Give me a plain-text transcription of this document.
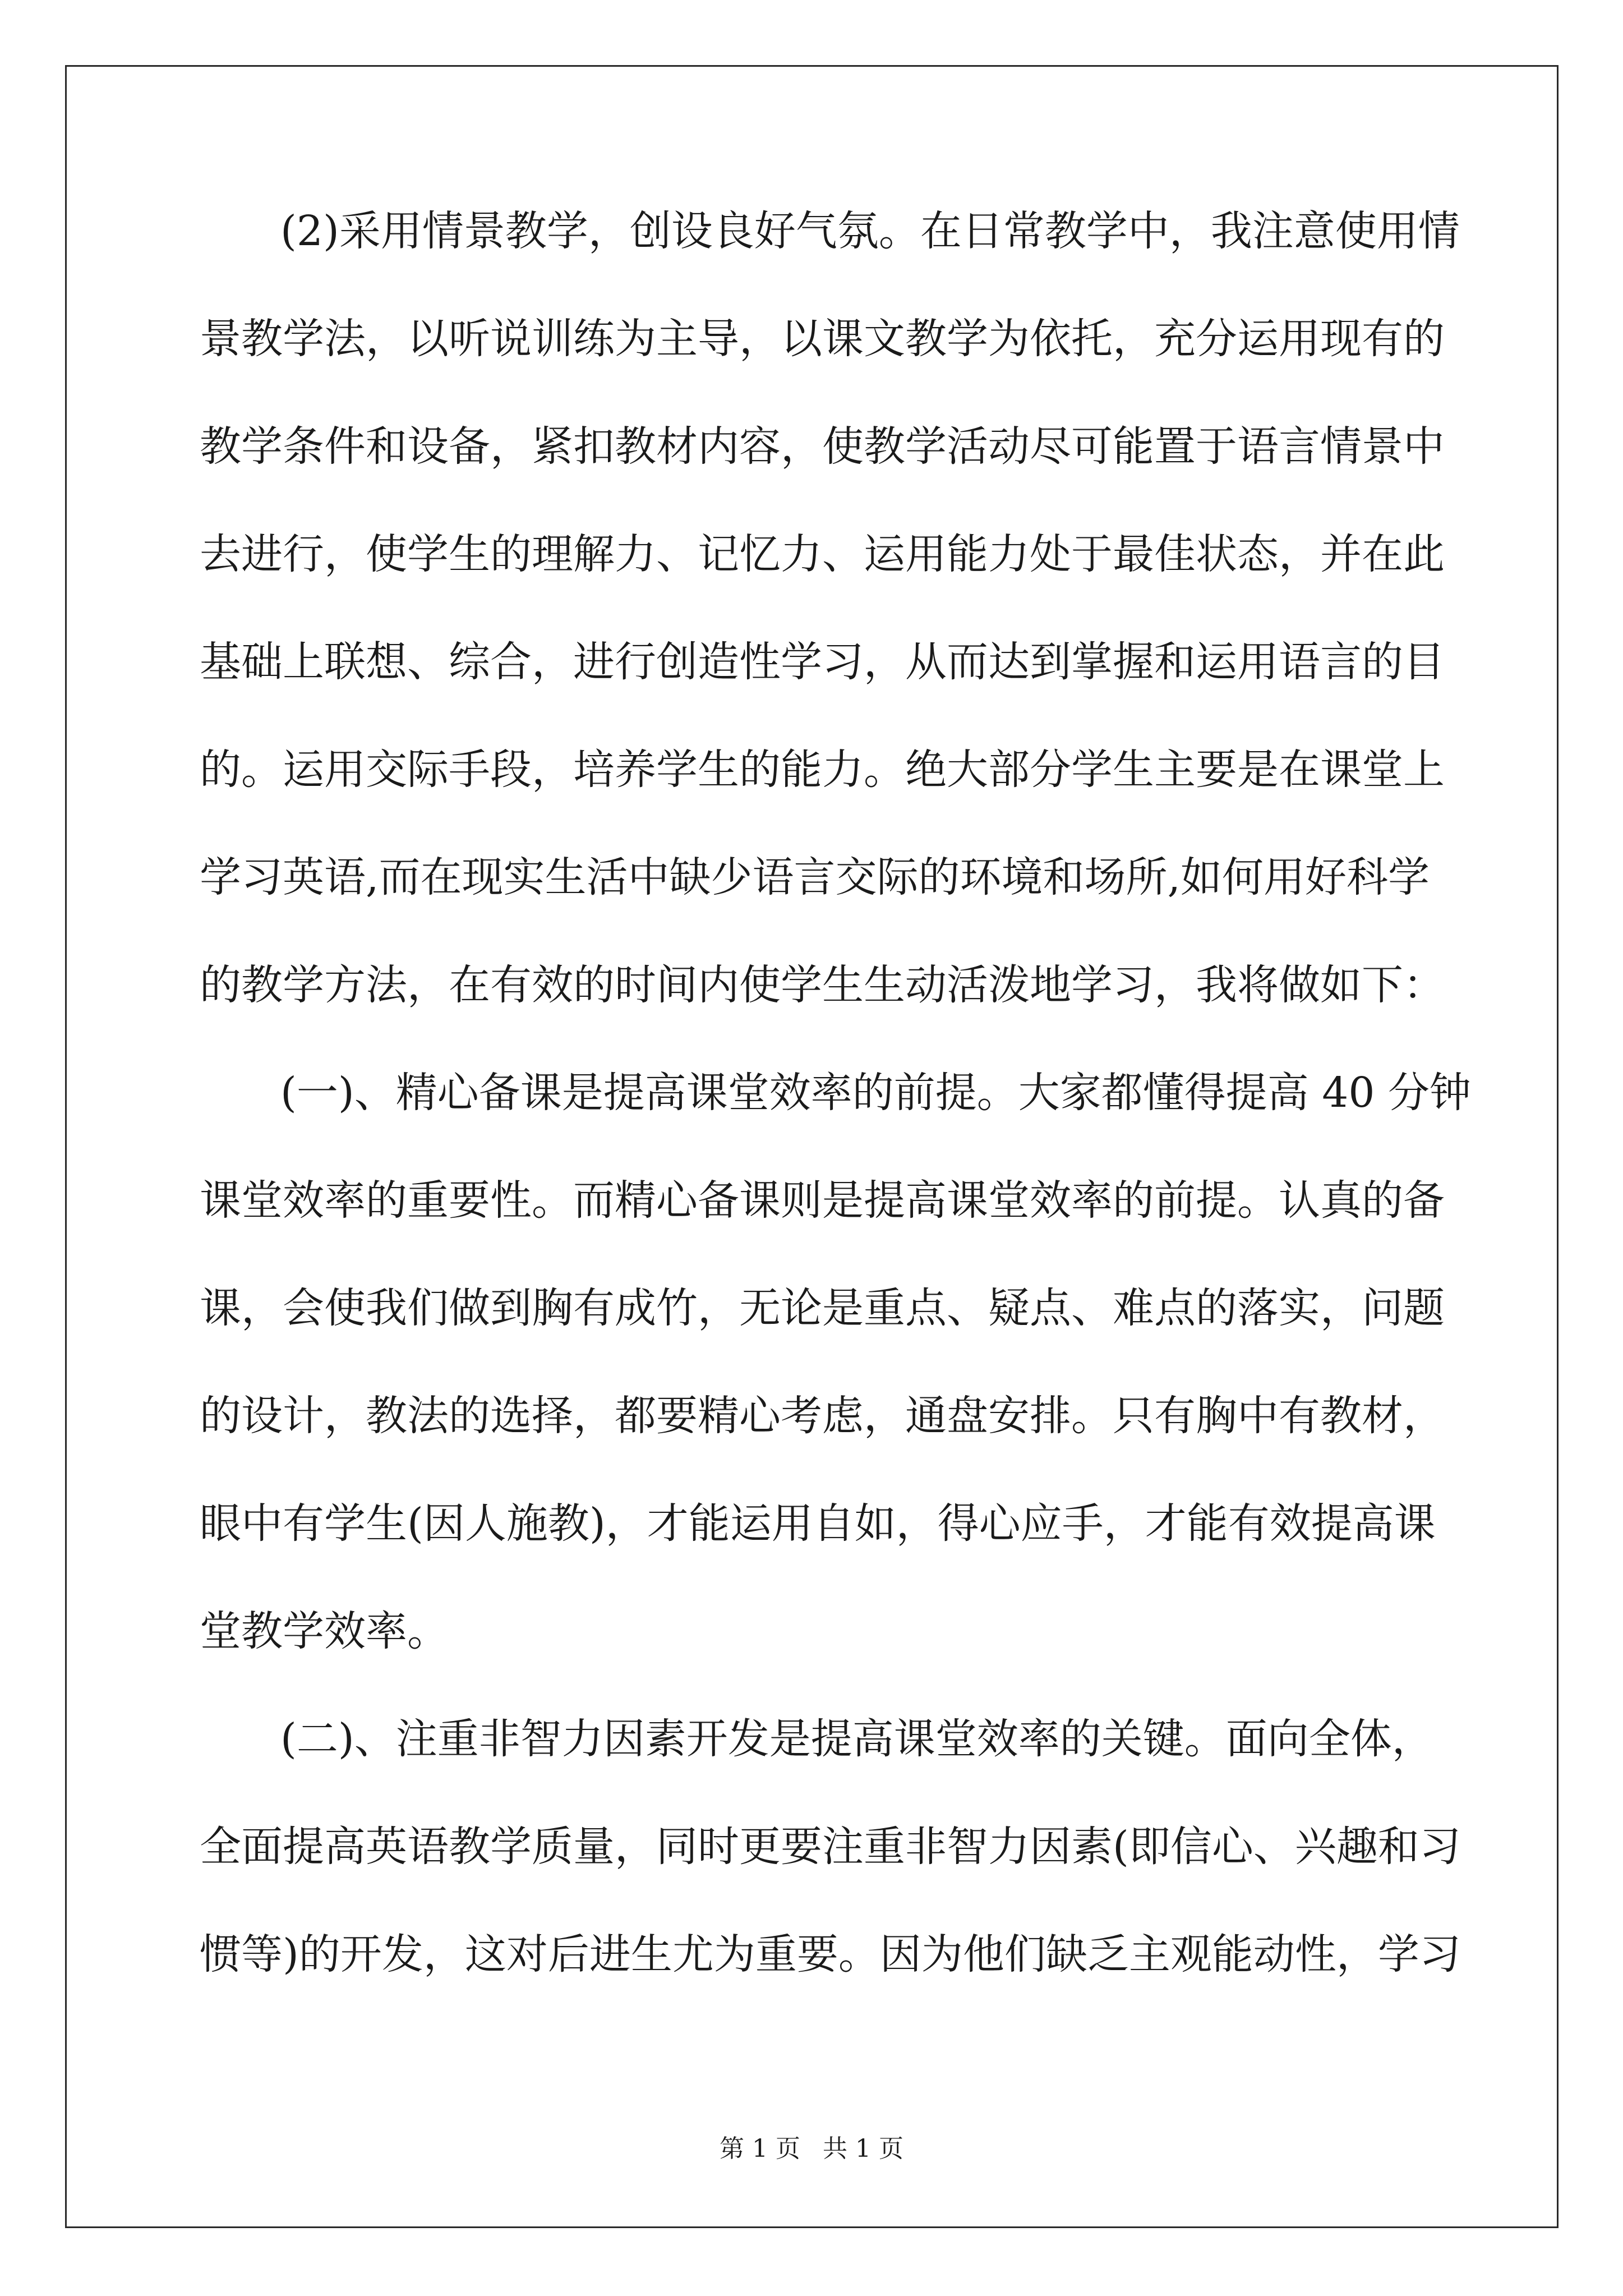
(2)采用情景教学，创设良好气氛。在日常教学中，我注意使用情

景教学法，以听说训练为主导，以课文教学为依托，充分运用现有的

教学条件和设备，紧扣教材内容，使教学活动尽可能置于语言情景中

去进行，使学生的理解力、记忆力、运用能力处于最佳状态，并在此

基础上联想、综合，进行创造性学习，从而达到掌握和运用语言的目

的。运用交际手段，培养学生的能力。绝大部分学生主要是在课堂上

学习英语,而在现实生活中缺少语言交际的环境和场所,如何用好科学

的教学方法，在有效的时间内使学生生动活泼地学习，我将做如下：

(一)、精心备课是提高课堂效率的前提。大家都懂得提高 40 分钟

课堂效率的重要性。而精心备课则是提高课堂效率的前提。认真的备

课，会使我们做到胸有成竹，无论是重点、疑点、难点的落实，问题

的设计，教法的选择，都要精心考虑，通盘安排。只有胸中有教材，

眼中有学生(因人施教)，才能运用自如，得心应手，才能有效提高课

堂教学效率。

(二)、注重非智力因素开发是提高课堂效率的关键。面向全体，

全面提高英语教学质量，同时更要注重非智力因素(即信心、兴趣和习

惯等)的开发，这对后进生尤为重要。因为他们缺乏主观能动性，学习

第 1 页 共 1 页
